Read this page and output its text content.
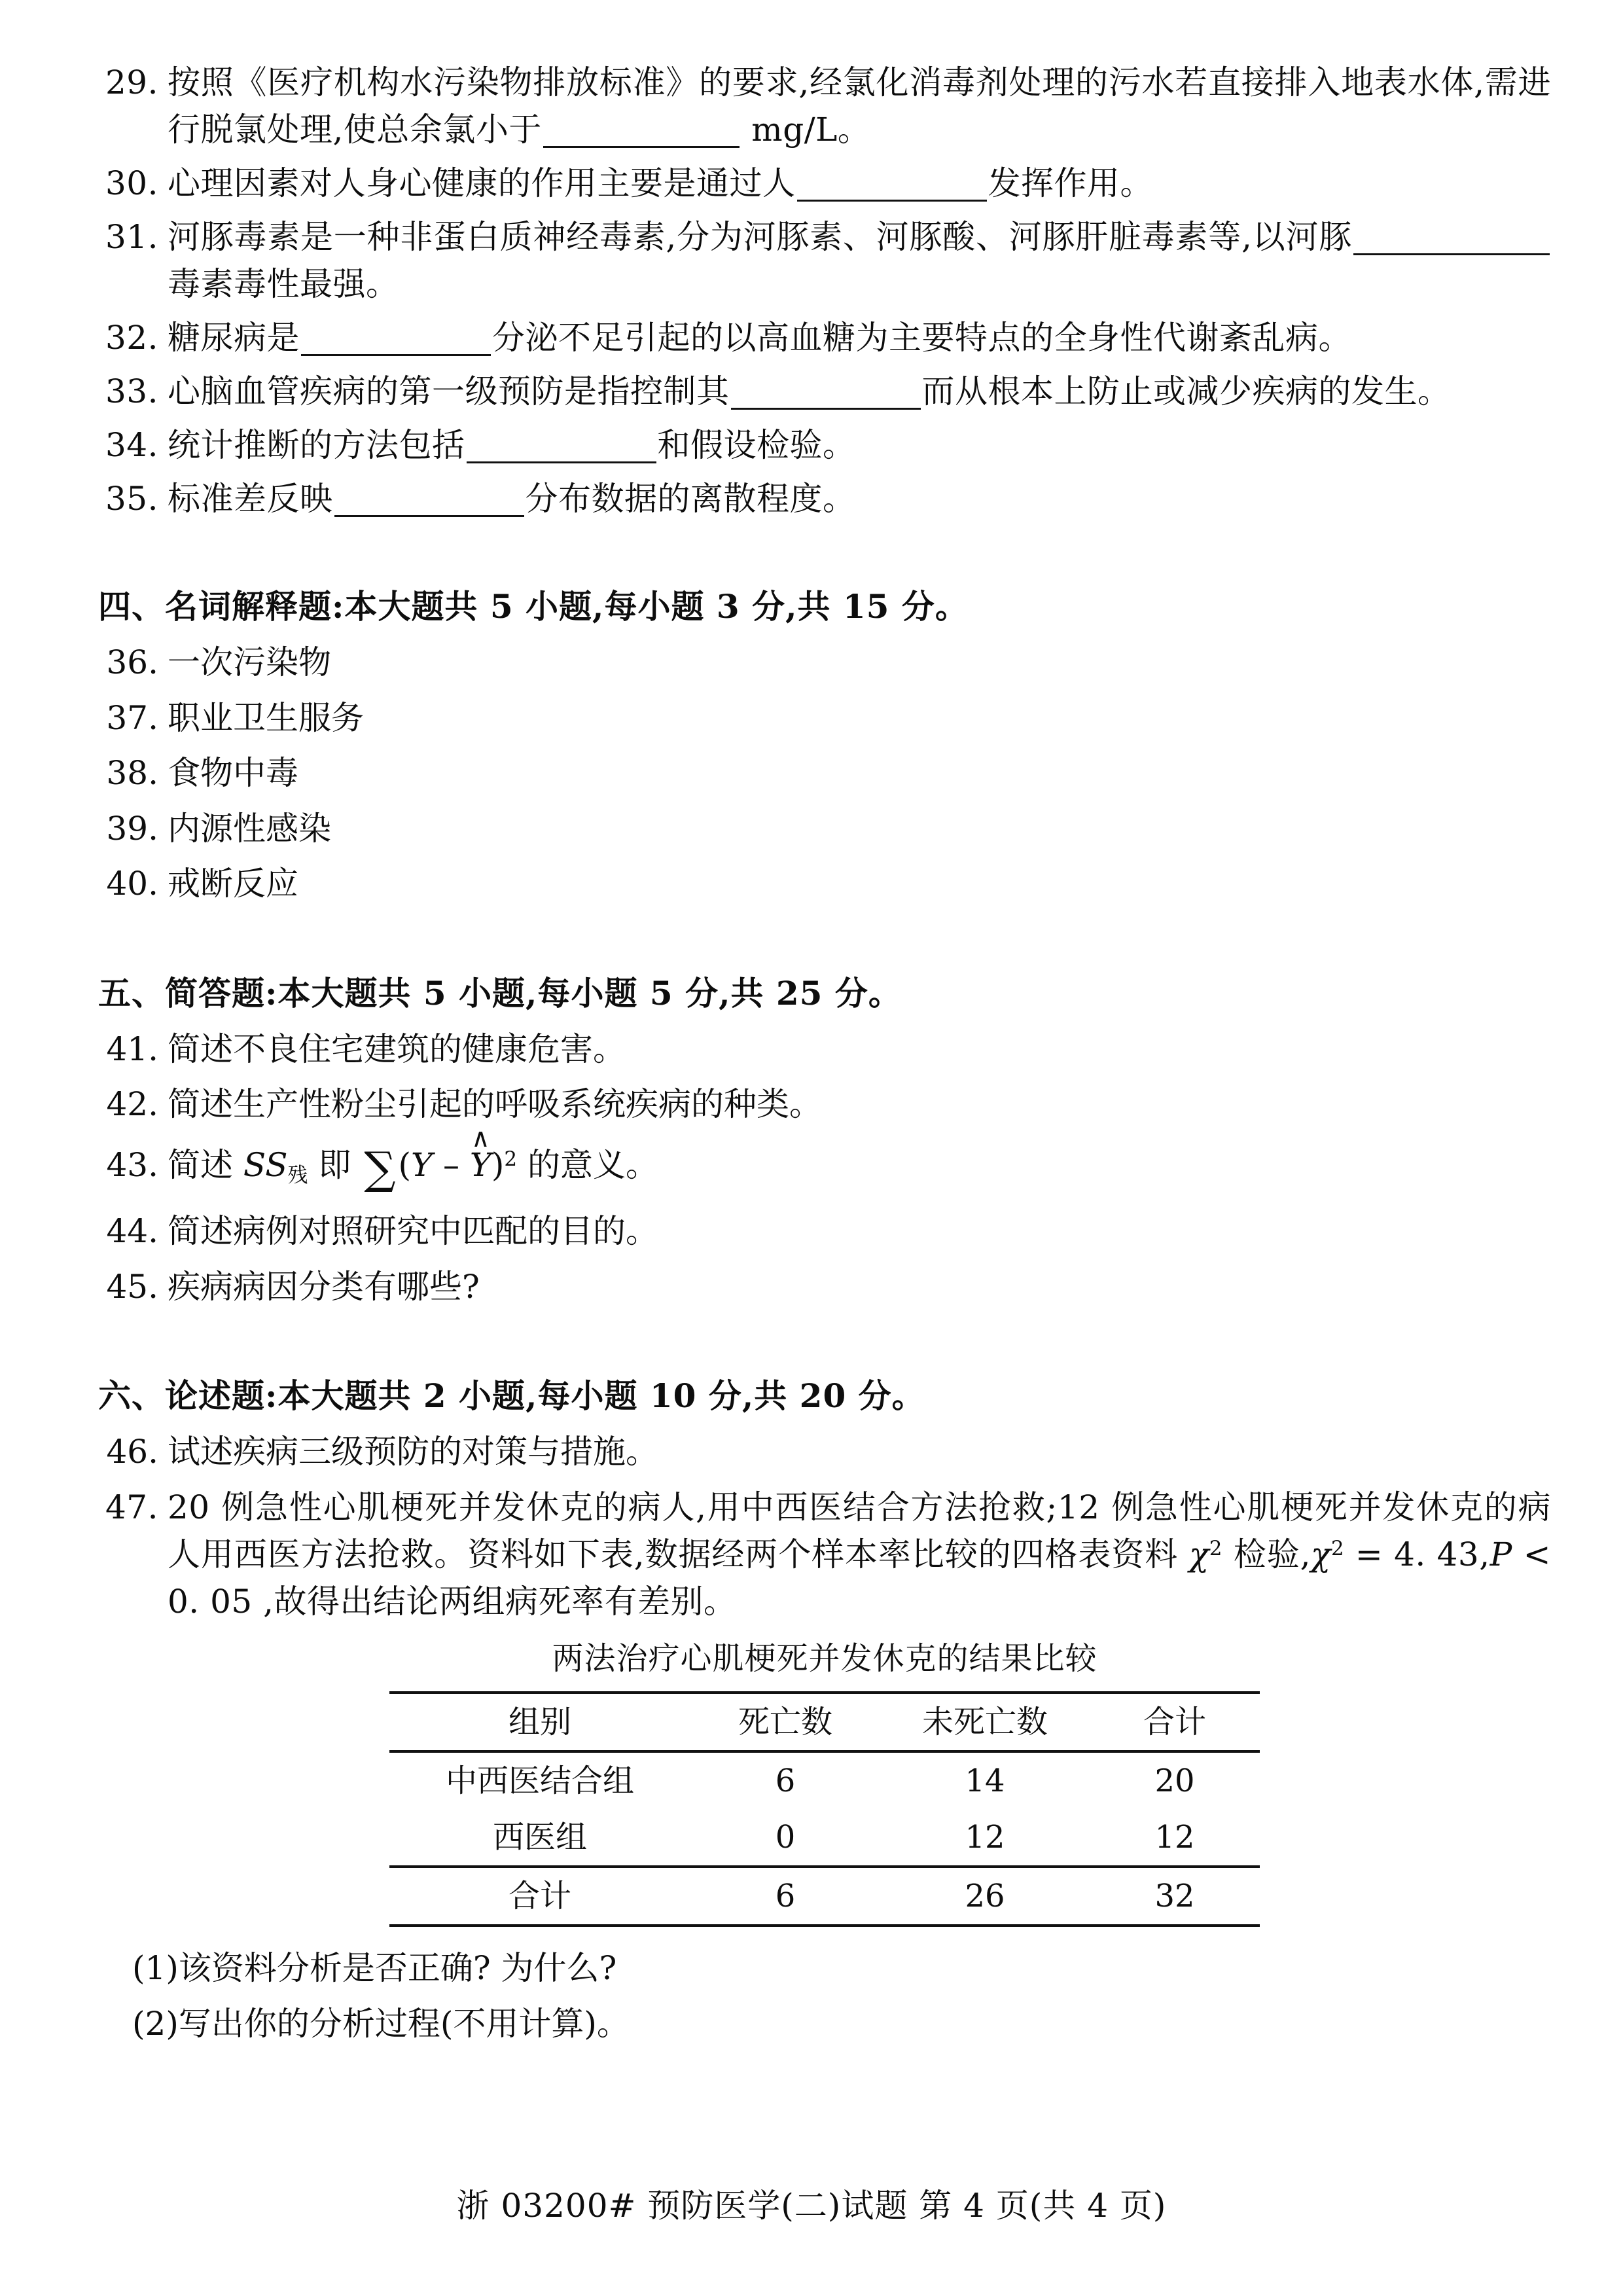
29. 按照《医疗机构水污染物排放标准》的要求,经氯化消毒剂处理的污水若直接排入地表水体,需进行脱氯处理,使总余氯小于	mg/L。
30. 心理因素对人身心健康的作用主要是通过人	发挥作用。
31. 河豚毒素是一种非蛋白质神经毒素,分为河豚素、河豚酸、河豚肝脏毒素等,以河豚毒素毒性最强。
32. 糖尿病是	分泌不足引起的以高血糖为主要特点的全身性代谢紊乱病。
33. 心脑血管疾病的第一级预防是指控制其	而从根本上防止或减少疾病的发生。
34. 统计推断的方法包括	和假设检验。
35. 标准差反映	分布数据的离散程度。
四、名词解释题:本大题共 5 小题,每小题 3 分,共 15 分。
36. 一次污染物
37. 职业卫生服务
38. 食物中毒
39. 内源性感染
40. 戒断反应
五、简答题:本大题共 5 小题,每小题 5 分,共 25 分。
41. 简述不良住宅建筑的健康危害。
42. 简述生产性粉尘引起的呼吸系统疾病的种类。
43. 简述 $SS_残$ 即 ∑(Y –
∧
Y)$^2$ 的意义。
44. 简述病例对照研究中匹配的目的。
45. 疾病病因分类有哪些?
六、论述题:本大题共 2 小题,每小题 10 分,共 20 分。
46. 试述疾病三级预防的对策与措施。
47. 20 例急性心肌梗死并发休克的病人,用中西医结合方法抢救;12 例急性心肌梗死并发休克的病人用西医方法抢救。资料如下表,数据经两个样本率比较的四格表资料 $\chi^2$ 检验$,\chi^2 = 4$. 43,P < 0. 05 ,故得出结论两组病死率有差别。
两法治疗心肌梗死并发休克的结果比较
组别	死亡数	未死亡数	合计
中西医结合组	6	14	20
西医组	0	12	12
合计	6	26	32
(1)该资料分析是否正确? 为什么?
(2)写出你的分析过程(不用计算)。
浙 03200# 预防医学(二)试题 第 4 页(共 4 页)
